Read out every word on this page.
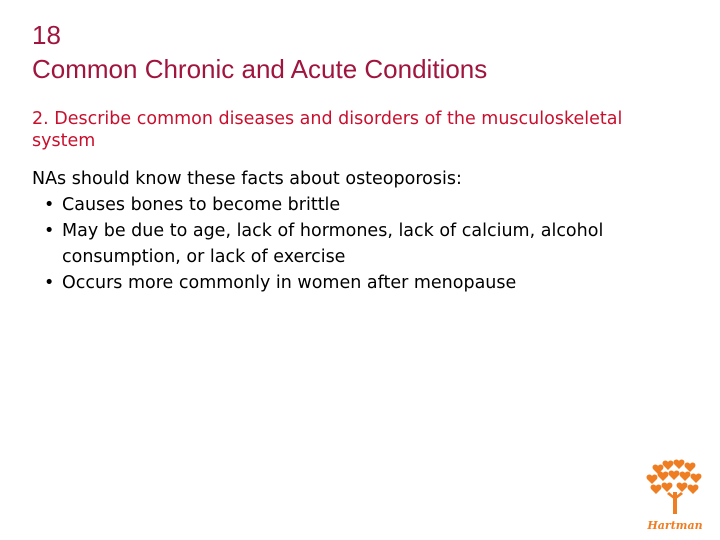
18
Common Chronic and Acute Conditions
2. Describe common diseases and disorders of the musculoskeletal system
NAs should know these facts about osteoporosis:
• Causes bones to become brittle
• May be due to age, lack of hormones, lack of calcium, alcohol consumption, or lack of exercise
• Occurs more commonly in women after menopause
Hartman
